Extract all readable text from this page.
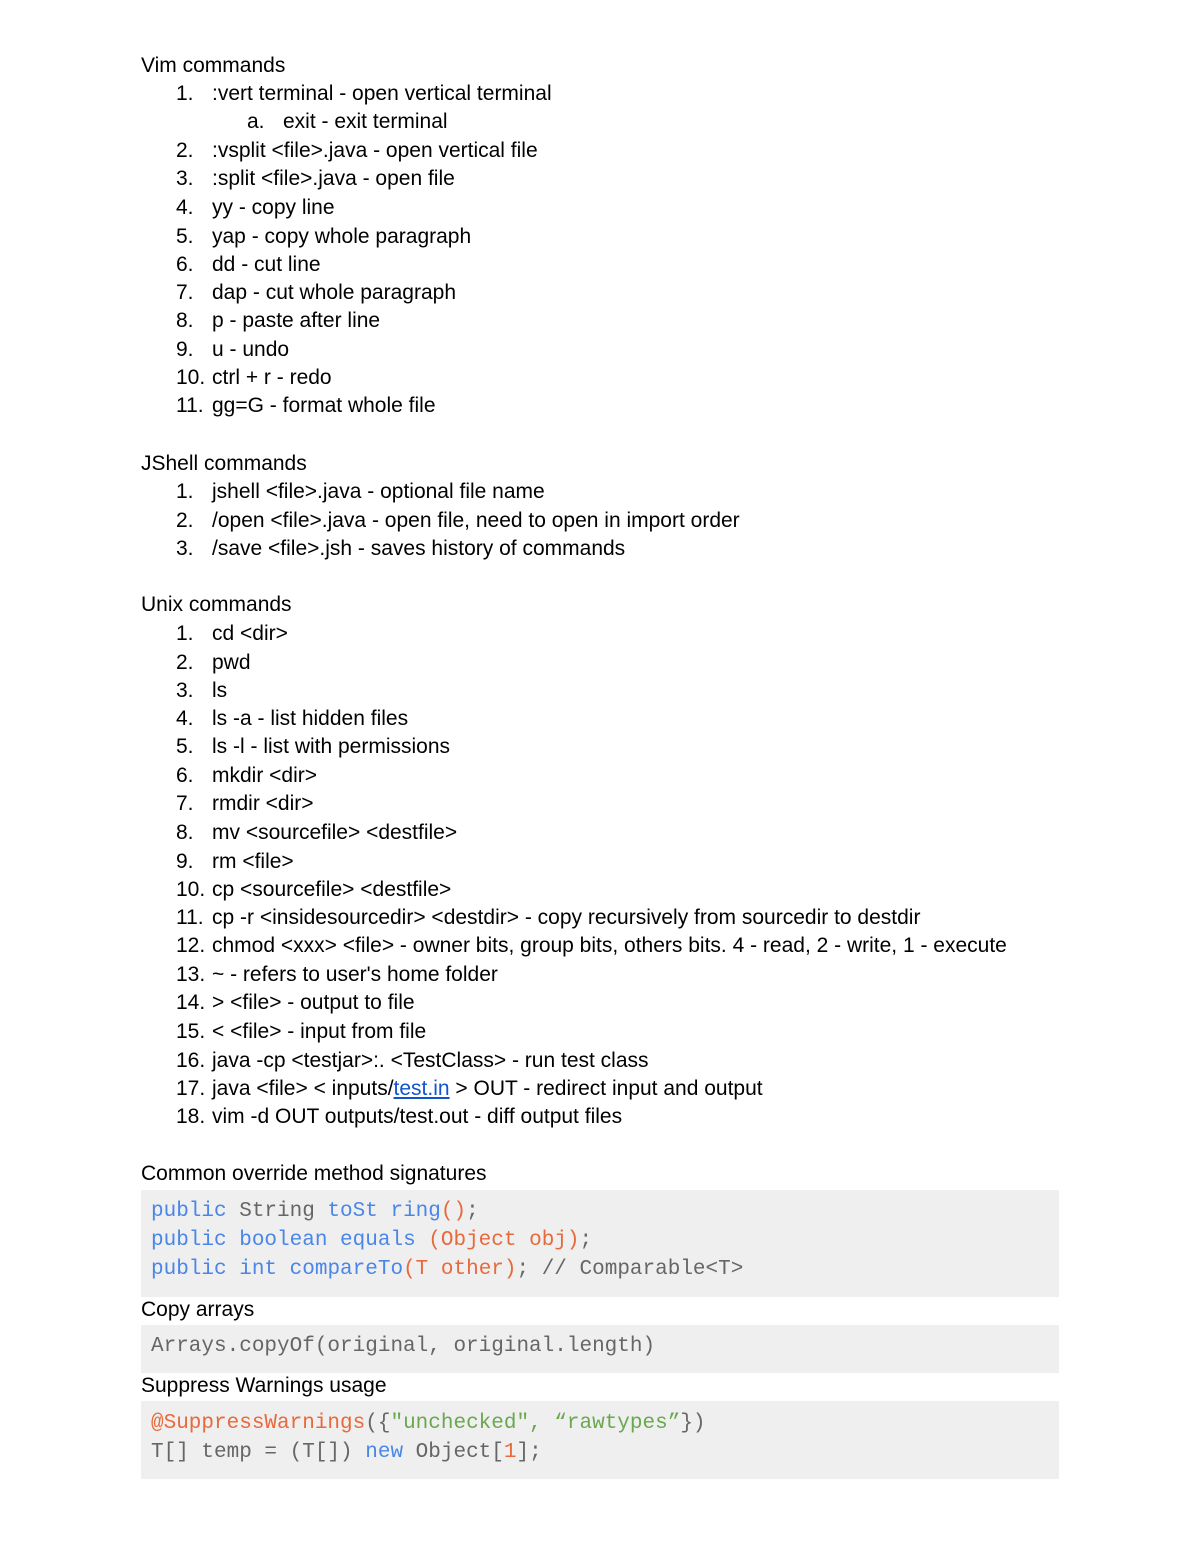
Vim commands
1. :vert terminal - open vertical terminal
a. exit - exit terminal
2. :vsplit <file>.java - open vertical file
3. :split <file>.java - open file
4. yy - copy line
5. yap - copy whole paragraph
6. dd - cut line
7. dap - cut whole paragraph
8. p - paste after line
9. u - undo
10. ctrl + r - redo
11. gg=G - format whole file
JShell commands
1. jshell <file>.java - optional file name
2. /open <file>.java - open file, need to open in import order
3. /save <file>.jsh - saves history of commands
Unix commands
1. cd <dir>
2. pwd
3. ls
4. ls -a - list hidden files
5. ls -l - list with permissions
6. mkdir <dir>
7. rmdir <dir>
8. mv <sourcefile> <destfile>
9. rm <file>
10. cp <sourcefile> <destfile>
11. cp -r <insidesourcedir> <destdir> - copy recursively from sourcedir to destdir
12. chmod <xxx> <file> - owner bits, group bits, others bits. 4 - read, 2 - write, 1 - execute
13. ~ - refers to user's home folder
14. > <file> - output to file
15. < <file> - input from file
16. java -cp <testjar>:. <TestClass> - run test class
17. java <file> < inputs/test.in > OUT - redirect input and output
18. vim -d OUT outputs/test.out - diff output files
Common override method signatures
public String toSt ring();
public boolean equals (Object obj);
public int compareTo(T other); // Comparable<T>
Copy arrays
Arrays.copyOf(original, original.length)
Suppress Warnings usage
@SuppressWarnings({"unchecked", “rawtypes”})
T[] temp = (T[]) new Object[1];
